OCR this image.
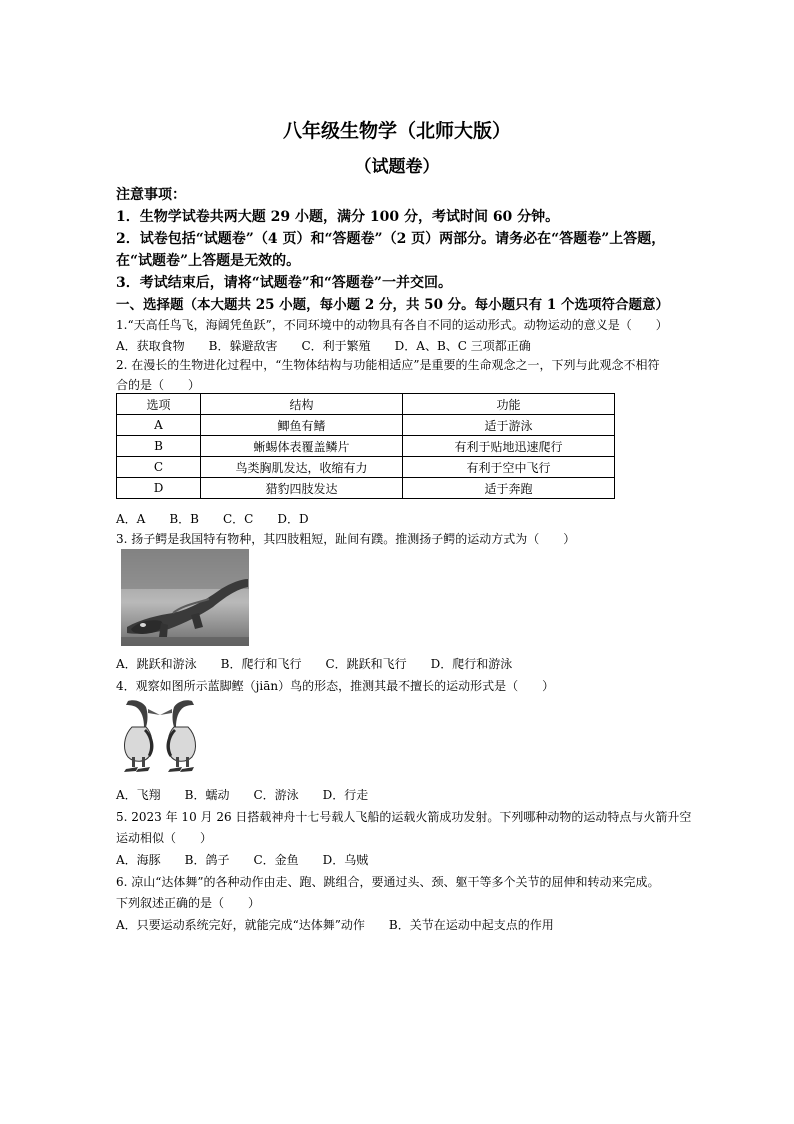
八年级生物学（北师大版）
（试题卷）
注意事项：
1．生物学试卷共两大题 29 小题，满分 100 分，考试时间 60 分钟。
2．试卷包括“试题卷”（4 页）和“答题卷”（2 页）两部分。请务必在“答题卷”上答题，
在“试题卷”上答题是无效的。
3．考试结束后，请将“试题卷”和“答题卷”一并交回。
一、选择题（本大题共 25 小题，每小题 2 分，共 50 分。每小题只有 1 个选项符合题意）
1.“天高任鸟飞，海阔凭鱼跃”，不同环境中的动物具有各自不同的运动形式。动物运动的意义是（　　）
A．获取食物　　B．躲避敌害　　C．利于繁殖　　D．A、B、C 三项都正确
2. 在漫长的生物进化过程中，“生物体结构与功能相适应”是重要的生命观念之一，下列与此观念不相符
合的是（　　）
选项	结构	功能
A	鲫鱼有鳍	适于游泳
B	蜥蜴体表覆盖鳞片	有利于贴地迅速爬行
C	鸟类胸肌发达，收缩有力	有利于空中飞行
D	猎豹四肢发达	适于奔跑
A．A　　B．B　　C．C　　D．D
3. 扬子鳄是我国特有物种，其四肢粗短，趾间有蹼。推测扬子鳄的运动方式为（　　）
A．跳跃和游泳　　B．爬行和飞行　　C．跳跃和飞行　　D．爬行和游泳
4．观察如图所示蓝脚鲣（jiān）鸟的形态，推测其最不擅长的运动形式是（　　）
A．飞翔　　B．蠕动　　C．游泳　　D．行走
5. 2023 年 10 月 26 日搭载神舟十七号载人飞船的运载火箭成功发射。下列哪种动物的运动特点与火箭升空
运动相似（　　）
A．海豚　　B．鸽子　　C．金鱼　　D．乌贼
6. 凉山“达体舞”的各种动作由走、跑、跳组合，要通过头、颈、躯干等多个关节的屈伸和转动来完成。
下列叙述正确的是（　　）
A．只要运动系统完好，就能完成“达体舞”动作　　B．关节在运动中起支点的作用
